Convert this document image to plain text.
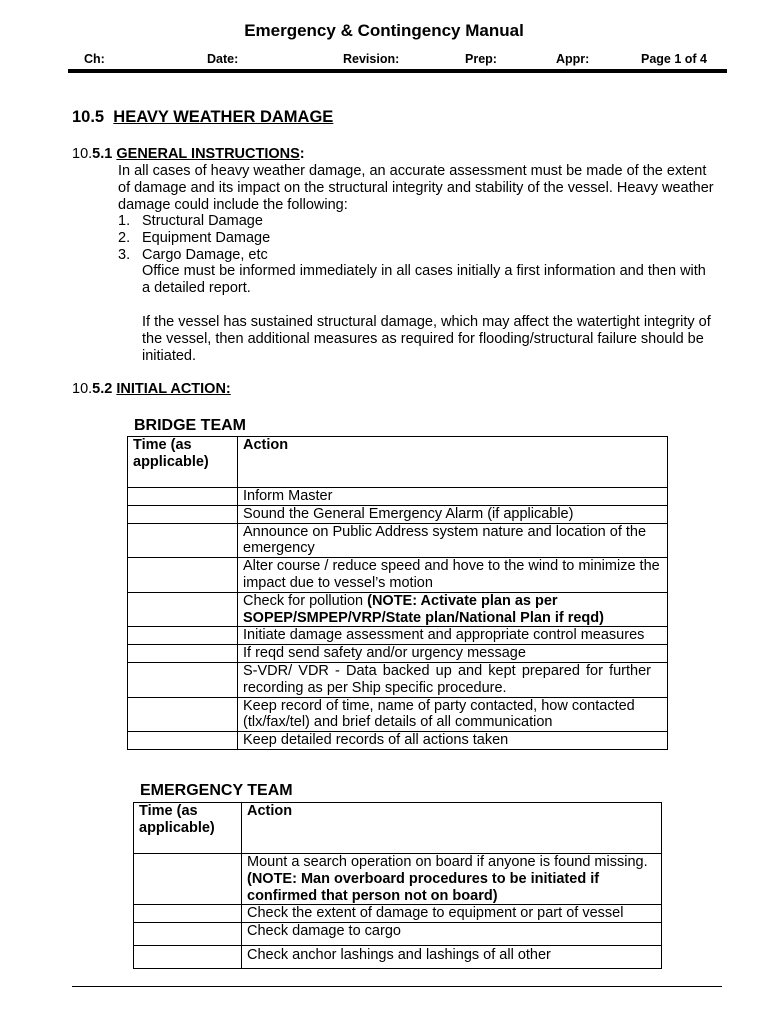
Emergency & Contingency Manual
Ch:	Date:	Revision:	Prep:	Appr:	Page 1 of 4
10.5 HEAVY WEATHER DAMAGE
10.5.1 GENERAL INSTRUCTIONS:
In all cases of heavy weather damage, an accurate assessment must be made of the extent of damage and its impact on the structural integrity and stability of the vessel. Heavy weather damage could include the following:
1. Structural Damage
2. Equipment Damage
3. Cargo Damage, etc
Office must be informed immediately in all cases initially a first information and then with a detailed report.
If the vessel has sustained structural damage, which may affect the watertight integrity of the vessel, then additional measures as required for flooding/structural failure should be initiated.
10.5.2 INITIAL ACTION:
BRIDGE TEAM
Time (as applicable)	Action
	Inform Master
	Sound the General Emergency Alarm (if applicable)
	Announce on Public Address system nature and location of the emergency
	Alter course / reduce speed and hove to the wind to minimize the impact due to vessel’s motion
	Check for pollution (NOTE: Activate plan as per SOPEP/SMPEP/VRP/State plan/National Plan if reqd)
	Initiate damage assessment and appropriate control measures
	If reqd send safety and/or urgency message
	S-VDR/ VDR - Data backed up and kept prepared for further recording as per Ship specific procedure.
	Keep record of time, name of party contacted, how contacted (tlx/fax/tel) and brief details of all communication
	Keep detailed records of all actions taken
EMERGENCY TEAM
Time (as applicable)	Action
	Mount a search operation on board if anyone is found missing. (NOTE: Man overboard procedures to be initiated if confirmed that person not on board)
	Check the extent of damage to equipment or part of vessel
	Check damage to cargo
	Check anchor lashings and lashings of all other
